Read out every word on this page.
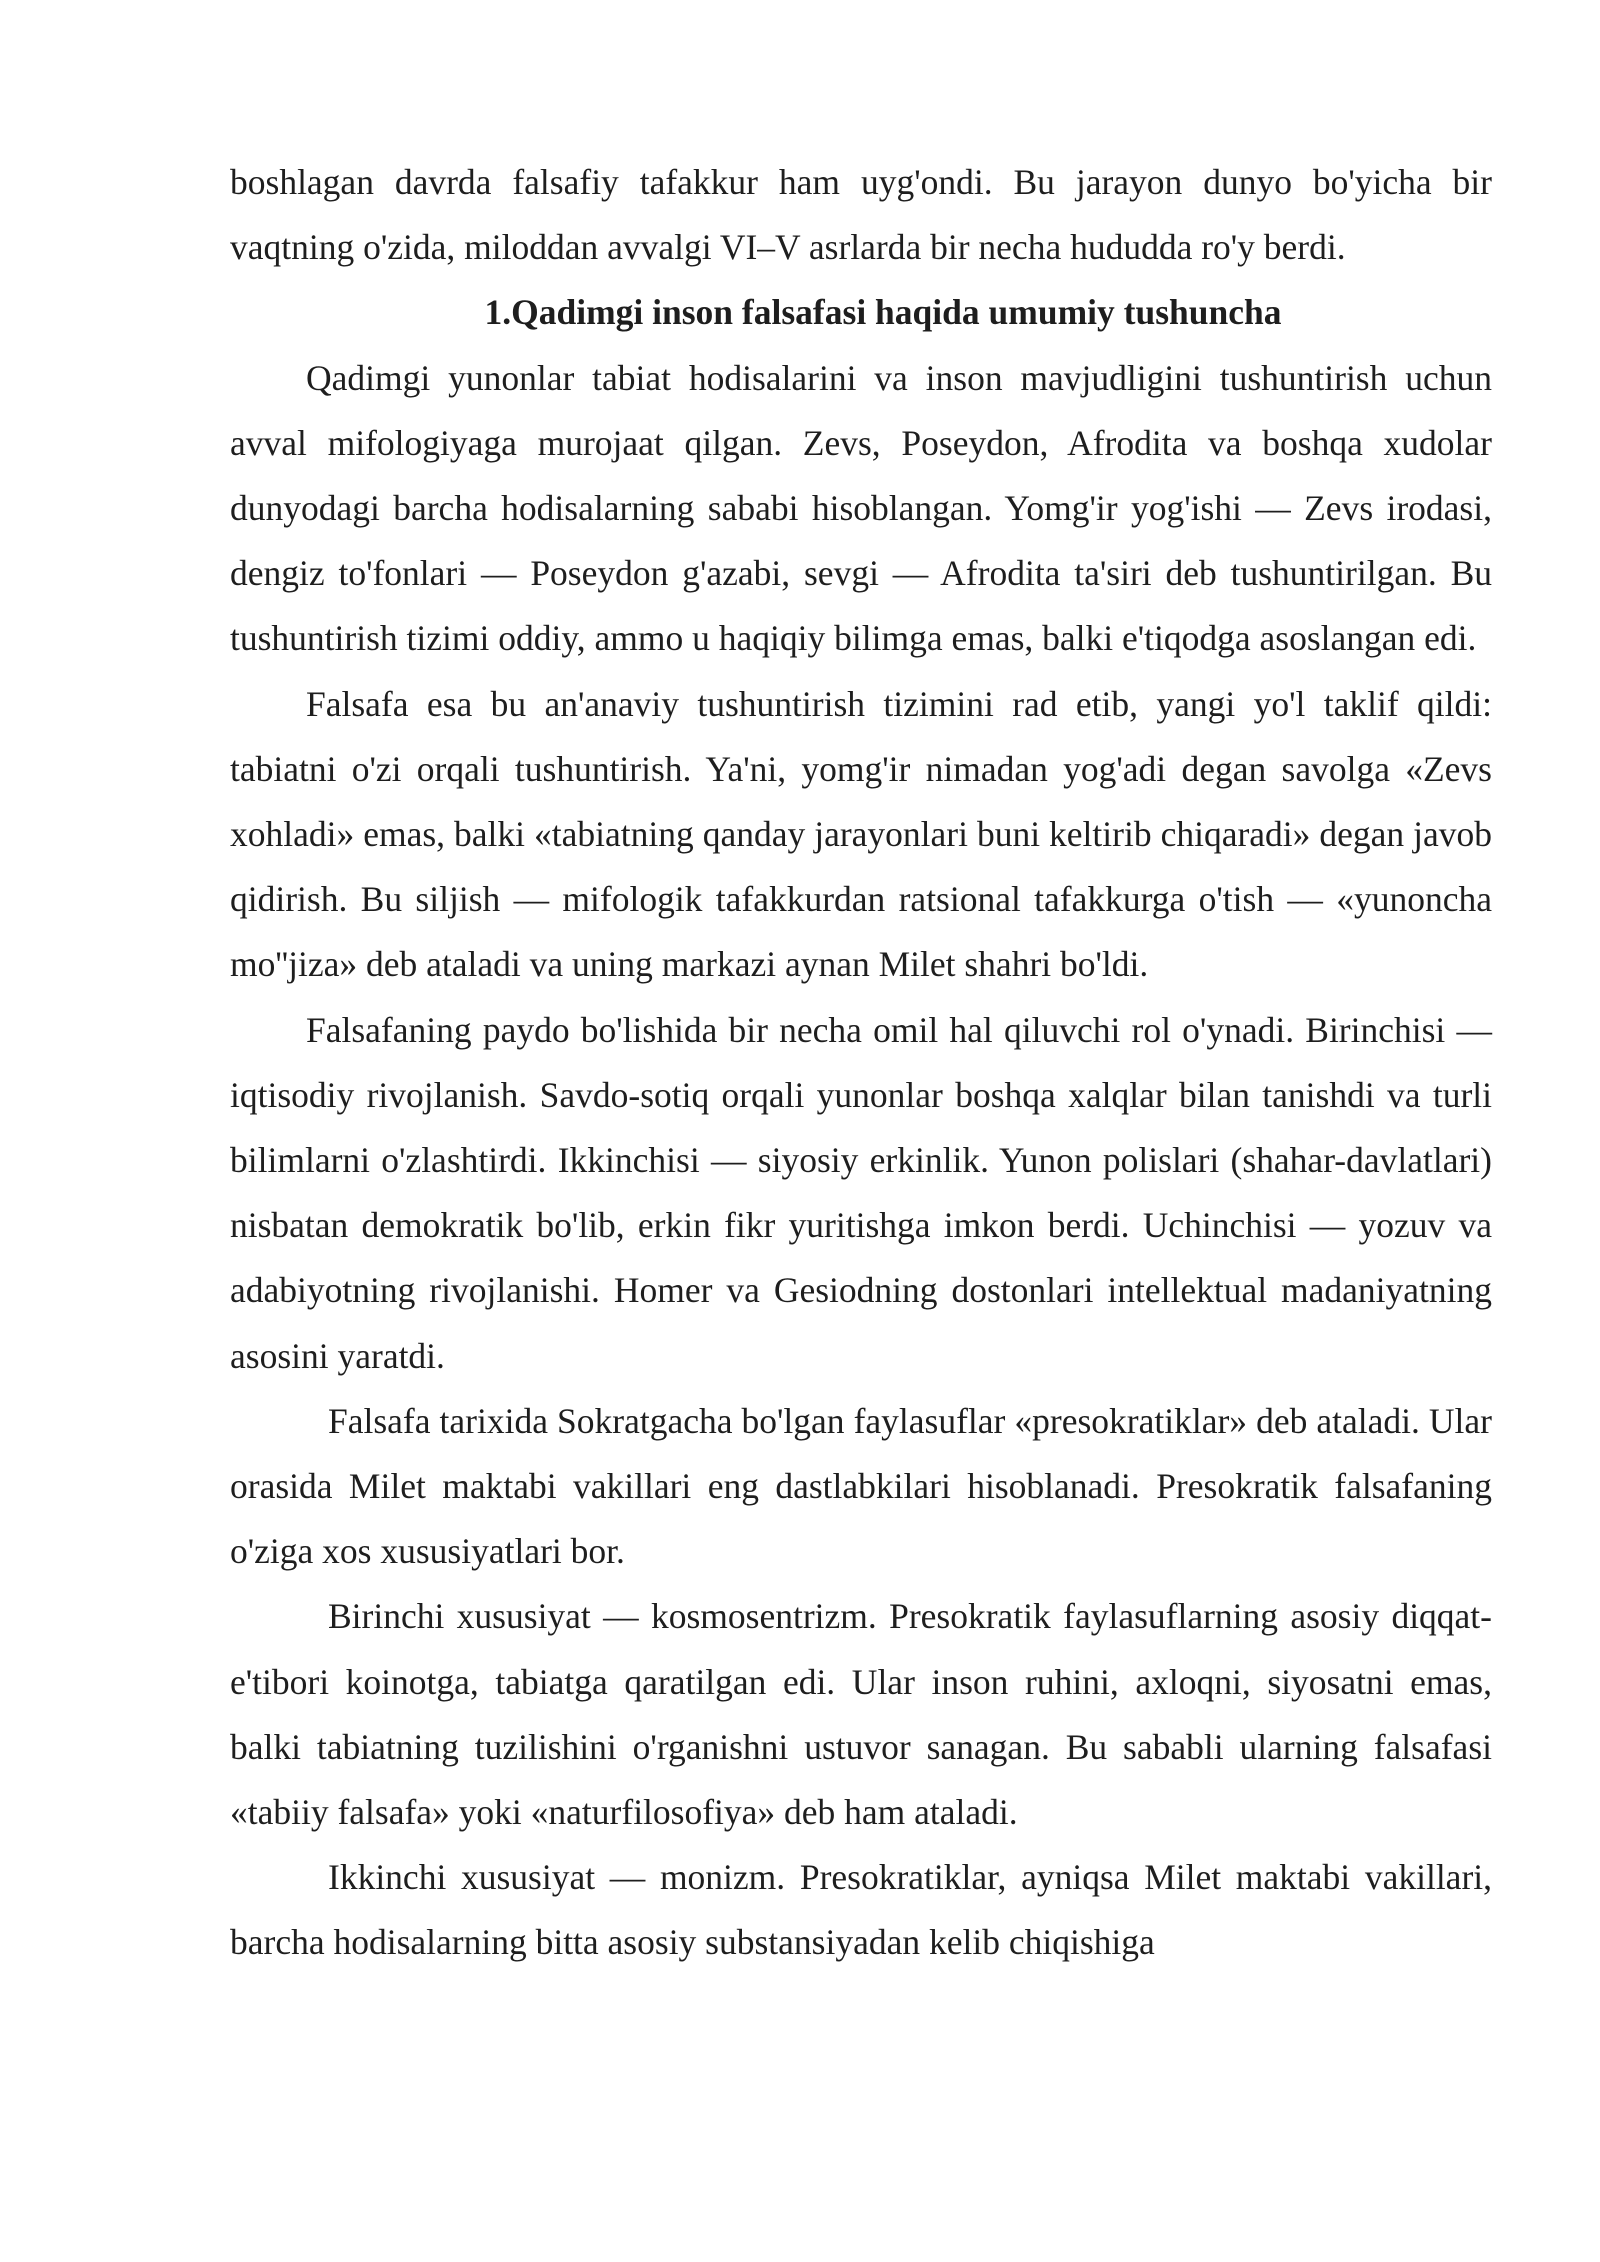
boshlagan davrda falsafiy tafakkur ham uyg'ondi. Bu jarayon dunyo bo'yicha bir vaqtning o'zida, miloddan avvalgi VI–V asrlarda bir necha hududda ro'y berdi.

1.Qadimgi inson falsafasi haqida umumiy tushuncha

Qadimgi yunonlar tabiat hodisalarini va inson mavjudligini tushuntirish uchun avval mifologiyaga murojaat qilgan. Zevs, Poseydon, Afrodita va boshqa xudolar dunyodagi barcha hodisalarning sababi hisoblangan. Yomg'ir yog'ishi — Zevs irodasi, dengiz to'fonlari — Poseydon g'azabi, sevgi — Afrodita ta'siri deb tushuntirilgan. Bu tushuntirish tizimi oddiy, ammo u haqiqiy bilimga emas, balki e'tiqodga asoslangan edi.

Falsafa esa bu an'anaviy tushuntirish tizimini rad etib, yangi yo'l taklif qildi: tabiatni o'zi orqali tushuntirish. Ya'ni, yomg'ir nimadan yog'adi degan savolga «Zevs xohladi» emas, balki «tabiatning qanday jarayonlari buni keltirib chiqaradi» degan javob qidirish. Bu siljish — mifologik tafakkurdan ratsional tafakkurga o'tish — «yunoncha mo''jiza» deb ataladi va uning markazi aynan Milet shahri bo'ldi.

Falsafaning paydo bo'lishida bir necha omil hal qiluvchi rol o'ynadi. Birinchisi — iqtisodiy rivojlanish. Savdo-sotiq orqali yunonlar boshqa xalqlar bilan tanishdi va turli bilimlarni o'zlashtirdi. Ikkinchisi — siyosiy erkinlik. Yunon polislari (shahar-davlatlari) nisbatan demokratik bo'lib, erkin fikr yuritishga imkon berdi. Uchinchisi — yozuv va adabiyotning rivojlanishi. Homer va Gesiodning dostonlari intellektual madaniyatning asosini yaratdi.

Falsafa tarixida Sokratgacha bo'lgan faylasuflar «presokratiklar» deb ataladi. Ular orasida Milet maktabi vakillari eng dastlabkilari hisoblanadi. Presokratik falsafaning o'ziga xos xususiyatlari bor.

Birinchi xususiyat — kosmosentrizm. Presokratik faylasuflarning asosiy diqqat-e'tibori koinotga, tabiatga qaratilgan edi. Ular inson ruhini, axloqni, siyosatni emas, balki tabiatning tuzilishini o'rganishni ustuvor sanagan. Bu sababli ularning falsafasi «tabiiy falsafa» yoki «naturfilosofiya» deb ham ataladi.

Ikkinchi xususiyat — monizm. Presokratiklar, ayniqsa Milet maktabi vakillari, barcha hodisalarning bitta asosiy substansiyadan kelib chiqishiga
